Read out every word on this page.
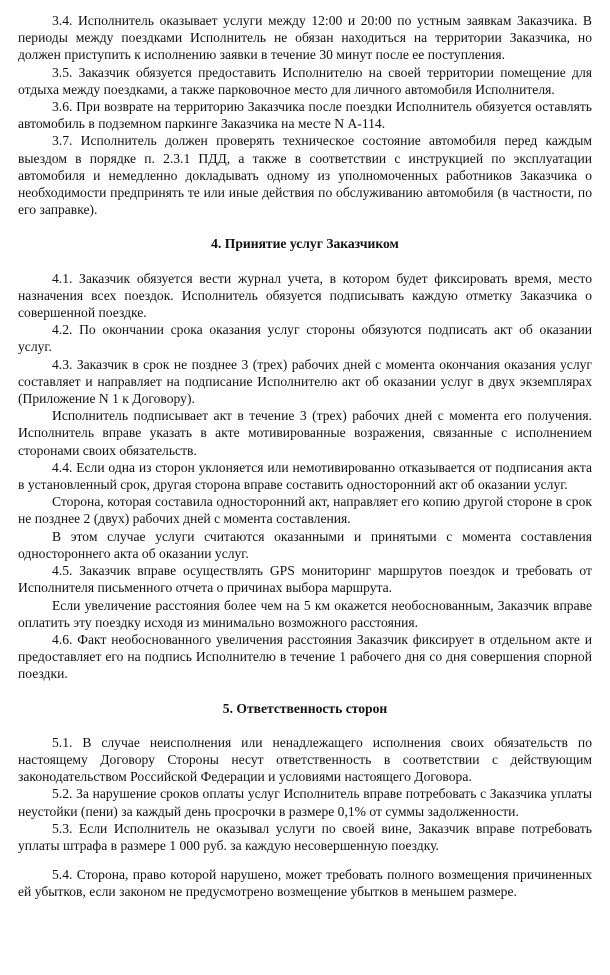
3.4. Исполнитель оказывает услуги между 12:00 и 20:00 по устным заявкам Заказчика. В периоды между поездками Исполнитель не обязан находиться на территории Заказчика, но должен приступить к исполнению заявки в течение 30 минут после ее поступления.

3.5. Заказчик обязуется предоставить Исполнителю на своей территории помещение для отдыха между поездками, а также парковочное место для личного автомобиля Исполнителя.

3.6. При возврате на территорию Заказчика после поездки Исполнитель обязуется оставлять автомобиль в подземном паркинге Заказчика на месте N А-114.

3.7. Исполнитель должен проверять техническое состояние автомобиля перед каждым выездом в порядке п. 2.3.1 ПДД, а также в соответствии с инструкцией по эксплуатации автомобиля и немедленно докладывать одному из уполномоченных работников Заказчика о необходимости предпринять те или иные действия по обслуживанию автомобиля (в частности, по его заправке).

4. Принятие услуг Заказчиком

4.1. Заказчик обязуется вести журнал учета, в котором будет фиксировать время, место назначения всех поездок. Исполнитель обязуется подписывать каждую отметку Заказчика о совершенной поездке.

4.2. По окончании срока оказания услуг стороны обязуются подписать акт об оказании услуг.

4.3. Заказчик в срок не позднее 3 (трех) рабочих дней с момента окончания оказания услуг составляет и направляет на подписание Исполнителю акт об оказании услуг в двух экземплярах (Приложение N 1 к Договору).

Исполнитель подписывает акт в течение 3 (трех) рабочих дней с момента его получения. Исполнитель вправе указать в акте мотивированные возражения, связанные с исполнением сторонами своих обязательств.

4.4. Если одна из сторон уклоняется или немотивированно отказывается от подписания акта в установленный срок, другая сторона вправе составить односторонний акт об оказании услуг.

Сторона, которая составила односторонний акт, направляет его копию другой стороне в срок не позднее 2 (двух) рабочих дней с момента составления.

В этом случае услуги считаются оказанными и принятыми с момента составления одностороннего акта об оказании услуг.

4.5. Заказчик вправе осуществлять GPS мониторинг маршрутов поездок и требовать от Исполнителя письменного отчета о причинах выбора маршрута.

Если увеличение расстояния более чем на 5 км окажется необоснованным, Заказчик вправе оплатить эту поездку исходя из минимально возможного расстояния.

4.6. Факт необоснованного увеличения расстояния Заказчик фиксирует в отдельном акте и предоставляет его на подпись Исполнителю в течение 1 рабочего дня со дня совершения спорной поездки.

5. Ответственность сторон

5.1. В случае неисполнения или ненадлежащего исполнения своих обязательств по настоящему Договору Стороны несут ответственность в соответствии с действующим законодательством Российской Федерации и условиями настоящего Договора.

5.2. За нарушение сроков оплаты услуг Исполнитель вправе потребовать с Заказчика уплаты неустойки (пени) за каждый день просрочки в размере 0,1% от суммы задолженности.

5.3. Если Исполнитель не оказывал услуги по своей вине, Заказчик вправе потребовать уплаты штрафа в размере 1 000 руб. за каждую несовершенную поездку.

5.4. Сторона, право которой нарушено, может требовать полного возмещения причиненных ей убытков, если законом не предусмотрено возмещение убытков в меньшем размере.
